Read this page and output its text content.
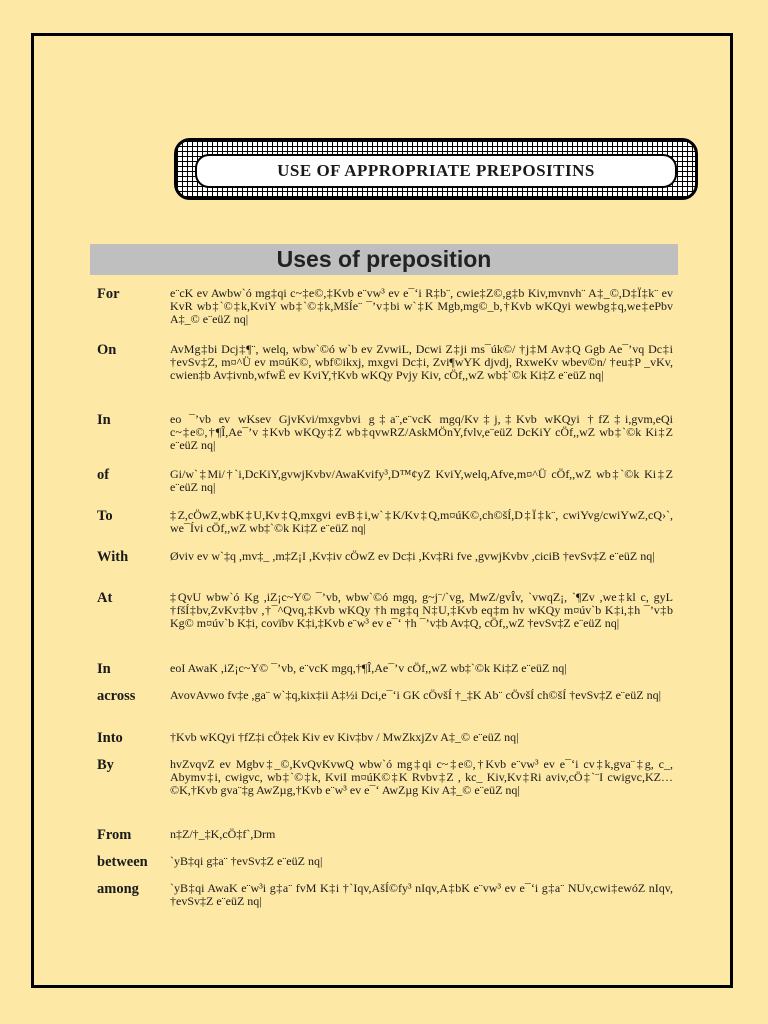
USE OF APPROPRIATE PREPOSITINS
Uses of preposition
For	e¨cK ev Awbw`ó mg‡qi c~‡e©,‡Kvb e¨vw³ ev e¯‘i R‡b¨, cwie‡Z©,g‡b Kiv,mvnvh¨ A‡_©,D‡Ï‡k¨ ev KvR wb‡`©‡k,KviY wb‡`©‡k,MšÍe¨ ¯’v‡bi w`‡K Mgb,mg©_b,†Kvb wKQyi wewbg‡q,we‡ePbv A‡_© e¨eüZ nq|
On	AvMg‡bi Dcj‡¶¨, welq, wbw`©ó w`b ev ZvwiL, Dcwi Z‡ji ms¯úk©/ †j‡M Av‡Q Ggb Ae¯’vq Dc‡i †evSv‡Z, m¤^Ü ev m¤úK©, wbf©ikxj, mxgvi Dc‡i, Zvi¶wYK djvdj, RxweKv wbev©n/ †eu‡P _vKv, cwien‡b Av‡ivnb,wfwË ev KviY,†Kvb wKQy Pvjy Kiv, cÖf,,wZ wb‡`©k Ki‡Z e¨eüZ nq|
In	eo ¯’vb ev wKsev GjvKvi/mxgvbvi g‡a¨,e¨vcK mgq/Kv‡j,‡Kvb wKQyi †fZ‡i,gvm,eQi c~‡e©,†¶Î,Ae¯’v ‡Kvb wKQy‡Z wb‡qvwRZ/AskMÖnY,fvlv,e¨eüZ DcKiY cÖf,,wZ wb‡`©k Ki‡Z e¨eüZ nq|
of	Gi/w`‡Mi/†`i,DcKiY,gvwjKvbv/AwaKvify³,D™¢yZ KviY,welq,Afve,m¤^Ü cÖf,,wZ wb‡`©k Ki‡Z e¨eüZ nq|
To	‡Z,cÖwZ,wbK‡U,Kv‡Q,mxgvi evB‡i,w`‡K/Kv‡Q,m¤úK©,ch©šÍ,D‡Ï‡k¨, cwiYvg/cwiYwZ,cQ›`, we¯Ívi cÖf,,wZ wb‡`©k Ki‡Z e¨eüZ nq|
With	Øviv ev w`‡q ,mv‡_ ,m‡Z¡I ,Kv‡iv cÖwZ ev Dc‡i ,Kv‡Ri fve ,gvwjKvbv ,ciciB †evSv‡Z e¨eüZ nq|
At	‡QvU wbw`ó Kg ,iZ¡c~Y© ¯’vb, wbw`©ó mgq, g~j¨/`vg, MwZ/gvÎv, `vwqZ¡, `¶Zv ,we‡kl c, gyL †fšÍ‡bv,ZvKv‡bv ,†¯^Qvq,‡Kvb wKQy †h mg‡q N‡U,‡Kvb eq‡m hv wKQy m¤úv`b K‡i,‡h ¯’v‡b Kg© m¤úv`b K‡i, covïbv K‡i,‡Kvb e¨w³ ev e¯‘ †h ¯’v‡b Av‡Q, cÖf,,wZ †evSv‡Z e¨eüZ nq|
In	eoI AwaK ,iZ¡c~Y© ¯’vb, e¨vcK mgq,†¶Î,Ae¯’v cÖf,,wZ wb‡`©k Ki‡Z e¨eüZ nq|
across	AvovAvwo fv‡e ,ga¨ w`‡q,kix‡ii A‡½i Dci,e¯‘i GK cÖvšÍ †_‡K Ab¨ cÖvšÍ ch©šÍ †evSv‡Z e¨eüZ nq|
Into	†Kvb wKQyi †fZ‡i cÖ‡ek Kiv ev Kiv‡bv / MwZkxjZv A‡_© e¨eüZ nq|
By	hvZvqvZ ev Mgbv‡_©,KvQvKvwQ wbw`ó mg‡qi c~‡e©,†Kvb e¨vw³ ev e¯‘i cv‡k,gva¨‡g, c_, Abymv‡i, cwigvc, wb‡`©‡k, KviI m¤úK©‡K Rvbv‡Z , kc_ Kiv,Kv‡Ri aviv,cÖ‡`¨I cwigvc,KZ…©K,†Kvb gva¨‡g AwZµg,†Kvb e¨w³ ev e¯‘ AwZµg Kiv A‡_© e¨eüZ nq|
From	n‡Z/†_‡K,cÖ‡f`,Drm
between	`yB‡qi g‡a¨ †evSv‡Z e¨eüZ nq|
among	`yB‡qi AwaK e¨w³i g‡a¨ fvM K‡i †`Iqv,AšÍ©fy³ nIqv,A‡bK e¨vw³ ev e¯‘i g‡a¨ NUv,cwi‡ewóZ nIqv, †evSv‡Z e¨eüZ nq|
